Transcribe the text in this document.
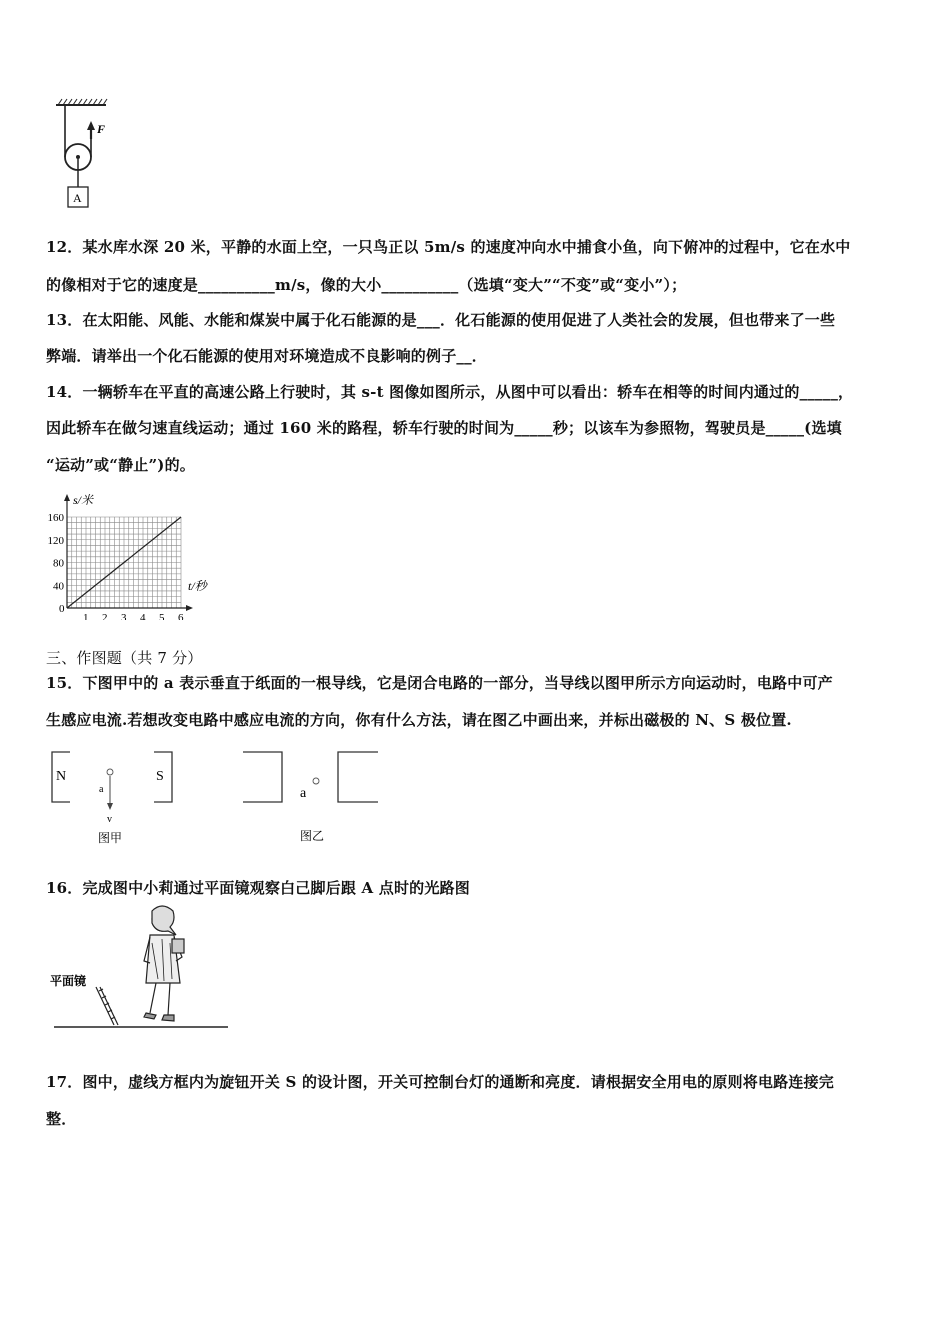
F
A
12．某水库水深 20 米，平静的水面上空，一只鸟正以 5m/s 的速度冲向水中捕食小鱼，向下俯冲的过程中，它在水中
的像相对于它的速度是__________m/s，像的大小__________（选填“变大”“不变”或“变小”）；
13．在太阳能、风能、水能和煤炭中属于化石能源的是___．化石能源的使用促进了人类社会的发展，但也带来了一些
弊端．请举出一个化石能源的使用对环境造成不良影响的例子__．
14．一辆轿车在平直的高速公路上行驶时，其 s-t 图像如图所示，从图中可以看出：轿车在相等的时间内通过的_____，
因此轿车在做匀速直线运动；通过 160 米的路程，轿车行驶的时间为_____秒；以该车为参照物，驾驶员是_____(选填
“运动”或“静止”)的。
1 2 3 4 5 6
40
80
120
160
s/米
t/秒
0
三、作图题（共 7 分）
15．下图甲中的 a 表示垂直于纸面的一根导线，它是闭合电路的一部分，当导线以图甲所示方向运动时，电路中可产
生感应电流.若想改变电路中感应电流的方向，你有什么方法，请在图乙中画出来，并标出磁极的 N、S 极位置.
N	S
a
v
图甲
a
图乙
16．完成图中小莉通过平面镜观察白己脚后跟 A 点时的光路图
平面镜
17．图中，虚线方框内为旋钮开关 S 的设计图，开关可控制台灯的通断和亮度．请根据安全用电的原则将电路连接完
整．
